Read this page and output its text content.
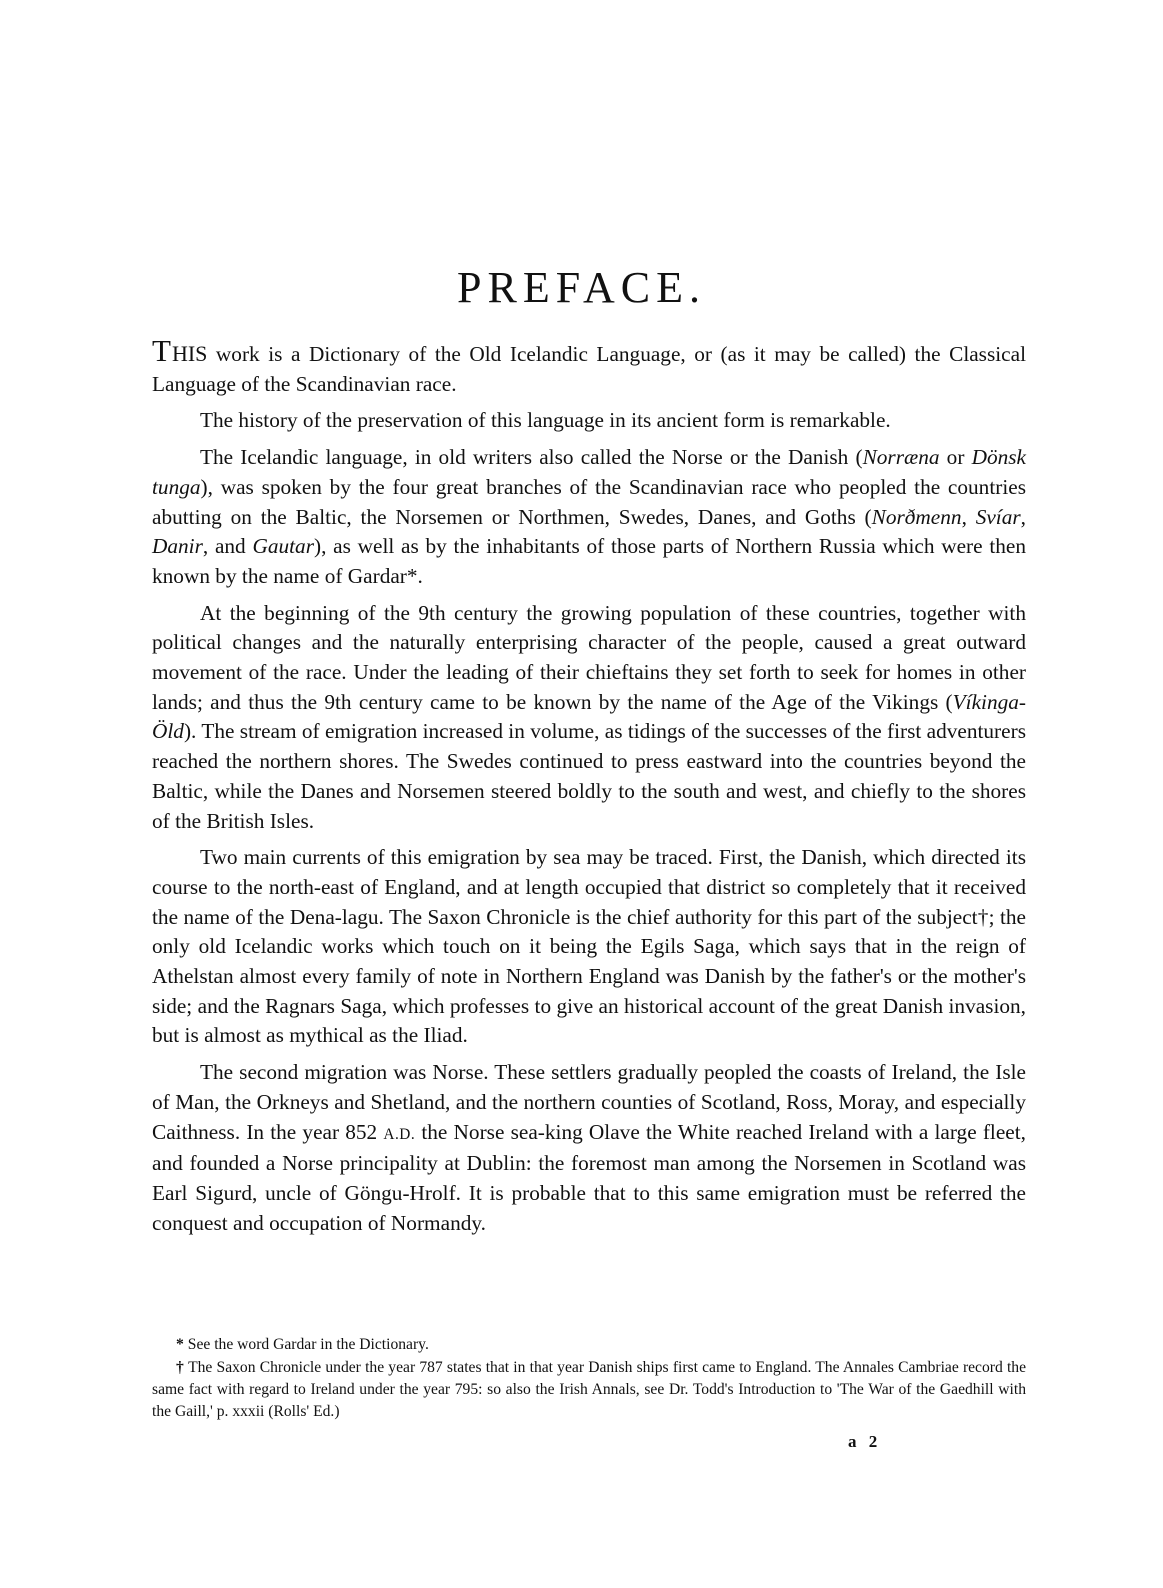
PREFACE.

THIS work is a Dictionary of the Old Icelandic Language, or (as it may be called) the Classical Language of the Scandinavian race.

The history of the preservation of this language in its ancient form is remarkable.

The Icelandic language, in old writers also called the Norse or the Danish (Norræna or Dönsk tunga), was spoken by the four great branches of the Scandinavian race who peopled the countries abutting on the Baltic, the Norsemen or Northmen, Swedes, Danes, and Goths (Norðmenn, Svíar, Danir, and Gautar), as well as by the inhabitants of those parts of Northern Russia which were then known by the name of Gardar*.

At the beginning of the 9th century the growing population of these countries, together with political changes and the naturally enterprising character of the people, caused a great outward movement of the race. Under the leading of their chieftains they set forth to seek for homes in other lands; and thus the 9th century came to be known by the name of the Age of the Vikings (Víkinga-Öld). The stream of emigration increased in volume, as tidings of the successes of the first adventurers reached the northern shores. The Swedes continued to press eastward into the countries beyond the Baltic, while the Danes and Norsemen steered boldly to the south and west, and chiefly to the shores of the British Isles.

Two main currents of this emigration by sea may be traced. First, the Danish, which directed its course to the north-east of England, and at length occupied that district so completely that it received the name of the Dena-lagu. The Saxon Chronicle is the chief authority for this part of the subject†; the only old Icelandic works which touch on it being the Egils Saga, which says that in the reign of Athelstan almost every family of note in Northern England was Danish by the father's or the mother's side; and the Ragnars Saga, which professes to give an historical account of the great Danish invasion, but is almost as mythical as the Iliad.

The second migration was Norse. These settlers gradually peopled the coasts of Ireland, the Isle of Man, the Orkneys and Shetland, and the northern counties of Scotland, Ross, Moray, and especially Caithness. In the year 852 A.D. the Norse sea-king Olave the White reached Ireland with a large fleet, and founded a Norse principality at Dublin: the foremost man among the Norsemen in Scotland was Earl Sigurd, uncle of Göngu-Hrolf. It is probable that to this same emigration must be referred the conquest and occupation of Normandy.

* See the word Gardar in the Dictionary.

† The Saxon Chronicle under the year 787 states that in that year Danish ships first came to England. The Annales Cambriae record the same fact with regard to Ireland under the year 795: so also the Irish Annals, see Dr. Todd's Introduction to 'The War of the Gaedhill with the Gaill,' p. xxxii (Rolls' Ed.)

a 2
